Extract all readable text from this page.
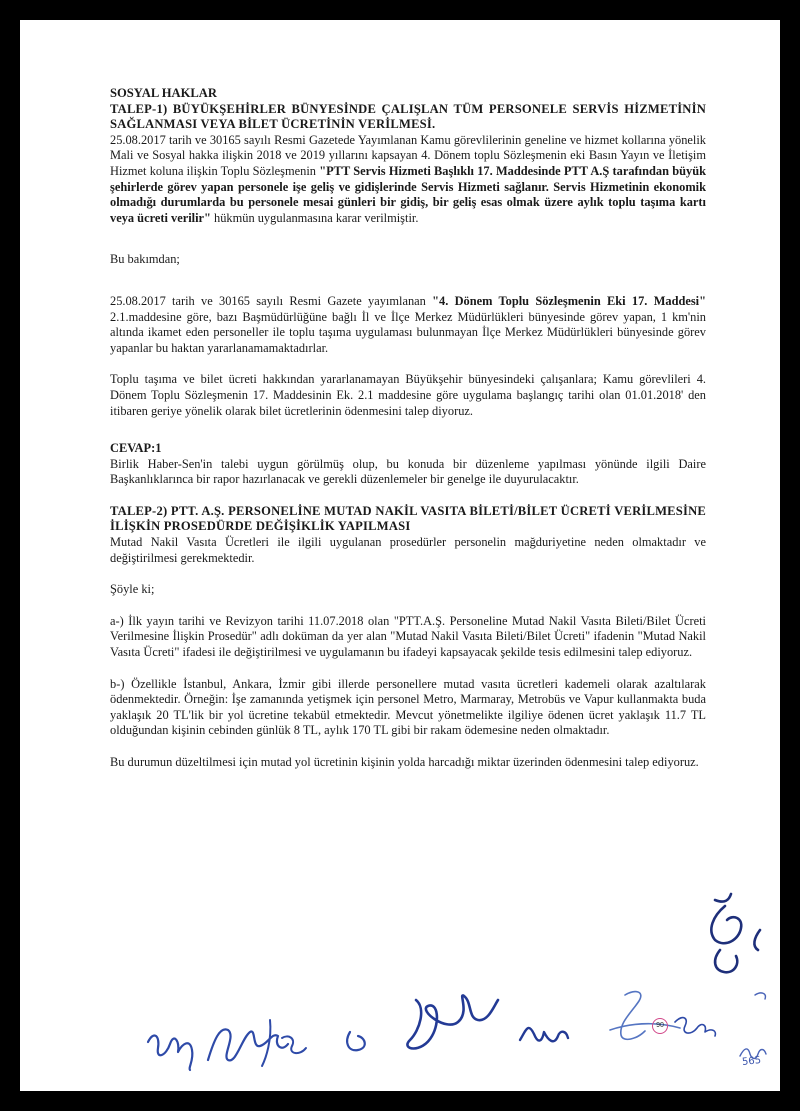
SOSYAL HAKLAR

TALEP-1) BÜYÜKŞEHİRLER BÜNYESİNDE ÇALIŞLAN TÜM PERSONELE SERVİS HİZMETİNİN SAĞLANMASI VEYA BİLET ÜCRETİNİN VERİLMESİ.

25.08.2017 tarih ve 30165 sayılı Resmi Gazetede Yayımlanan Kamu görevlilerinin geneline ve hizmet kollarına yönelik Mali ve Sosyal hakka ilişkin 2018 ve 2019 yıllarını kapsayan 4. Dönem toplu Sözleşmenin eki Basın Yayın ve İletişim Hizmet koluna ilişkin Toplu Sözleşmenin "PTT Servis Hizmeti Başlıklı 17. Maddesinde PTT A.Ş tarafından büyük şehirlerde görev yapan personele işe geliş ve gidişlerinde Servis Hizmeti sağlanır. Servis Hizmetinin ekonomik olmadığı durumlarda bu personele mesai günleri bir gidiş, bir geliş esas olmak üzere aylık toplu taşıma kartı veya ücreti verilir" hükmün uygulanmasına karar verilmiştir.

Bu bakımdan;

25.08.2017 tarih ve 30165 sayılı Resmi Gazete yayımlanan "4. Dönem Toplu Sözleşmenin Eki 17. Maddesi" 2.1.maddesine göre, bazı Başmüdürlüğüne bağlı İl ve İlçe Merkez Müdürlükleri bünyesinde görev yapan, 1 km'nin altında ikamet eden personeller ile toplu taşıma uygulaması bulunmayan İlçe Merkez Müdürlükleri bünyesinde görev yapanlar bu haktan yararlanamamaktadırlar.

Toplu taşıma ve bilet ücreti hakkından yararlanamayan Büyükşehir bünyesindeki çalışanlara; Kamu görevlileri 4. Dönem Toplu Sözleşmenin 17. Maddesinin Ek. 2.1 maddesine göre uygulama başlangıç tarihi olan 01.01.2018' den itibaren geriye yönelik olarak bilet ücretlerinin ödenmesini talep diyoruz.

CEVAP:1

Birlik Haber-Sen'in talebi uygun görülmüş olup, bu konuda bir düzenleme yapılması yönünde ilgili Daire Başkanlıklarınca bir rapor hazırlanacak ve gerekli düzenlemeler bir genelge ile duyurulacaktır.

TALEP-2) PTT. A.Ş. PERSONELİNE MUTAD NAKİL VASITA BİLETİ/BİLET ÜCRETİ VERİLMESİNE İLİŞKİN PROSEDÜRDE DEĞİŞİKLİK YAPILMASI

Mutad Nakil Vasıta Ücretleri ile ilgili uygulanan prosedürler personelin mağduriyetine neden olmaktadır ve değiştirilmesi gerekmektedir.

Şöyle ki;

a-) İlk yayın tarihi ve Revizyon tarihi 11.07.2018 olan "PTT.A.Ş. Personeline Mutad Nakil Vasıta Bileti/Bilet Ücreti Verilmesine İlişkin Prosedür" adlı doküman da yer alan "Mutad Nakil Vasıta Bileti/Bilet Ücreti" ifadenin "Mutad Nakil Vasıta Ücreti" ifadesi ile değiştirilmesi ve uygulamanın bu ifadeyi kapsayacak şekilde tesis edilmesini talep ediyoruz.

b-) Özellikle İstanbul, Ankara, İzmir gibi illerde personellere mutad vasıta ücretleri kademeli olarak azaltılarak ödenmektedir. Örneğin: İşe zamanında yetişmek için personel Metro, Marmaray, Metrobüs ve Vapur kullanmakta buda yaklaşık 20 TL'lik bir yol ücretine tekabül etmektedir. Mevcut yönetmelikte ilgiliye ödenen ücret yaklaşık 11.7 TL olduğundan kişinin cebinden günlük 8 TL, aylık 170 TL gibi bir rakam ödemesine neden olmaktadır.

Bu durumun düzeltilmesi için mutad yol ücretinin kişinin yolda harcadığı miktar üzerinden ödenmesini talep ediyoruz.

90
565
